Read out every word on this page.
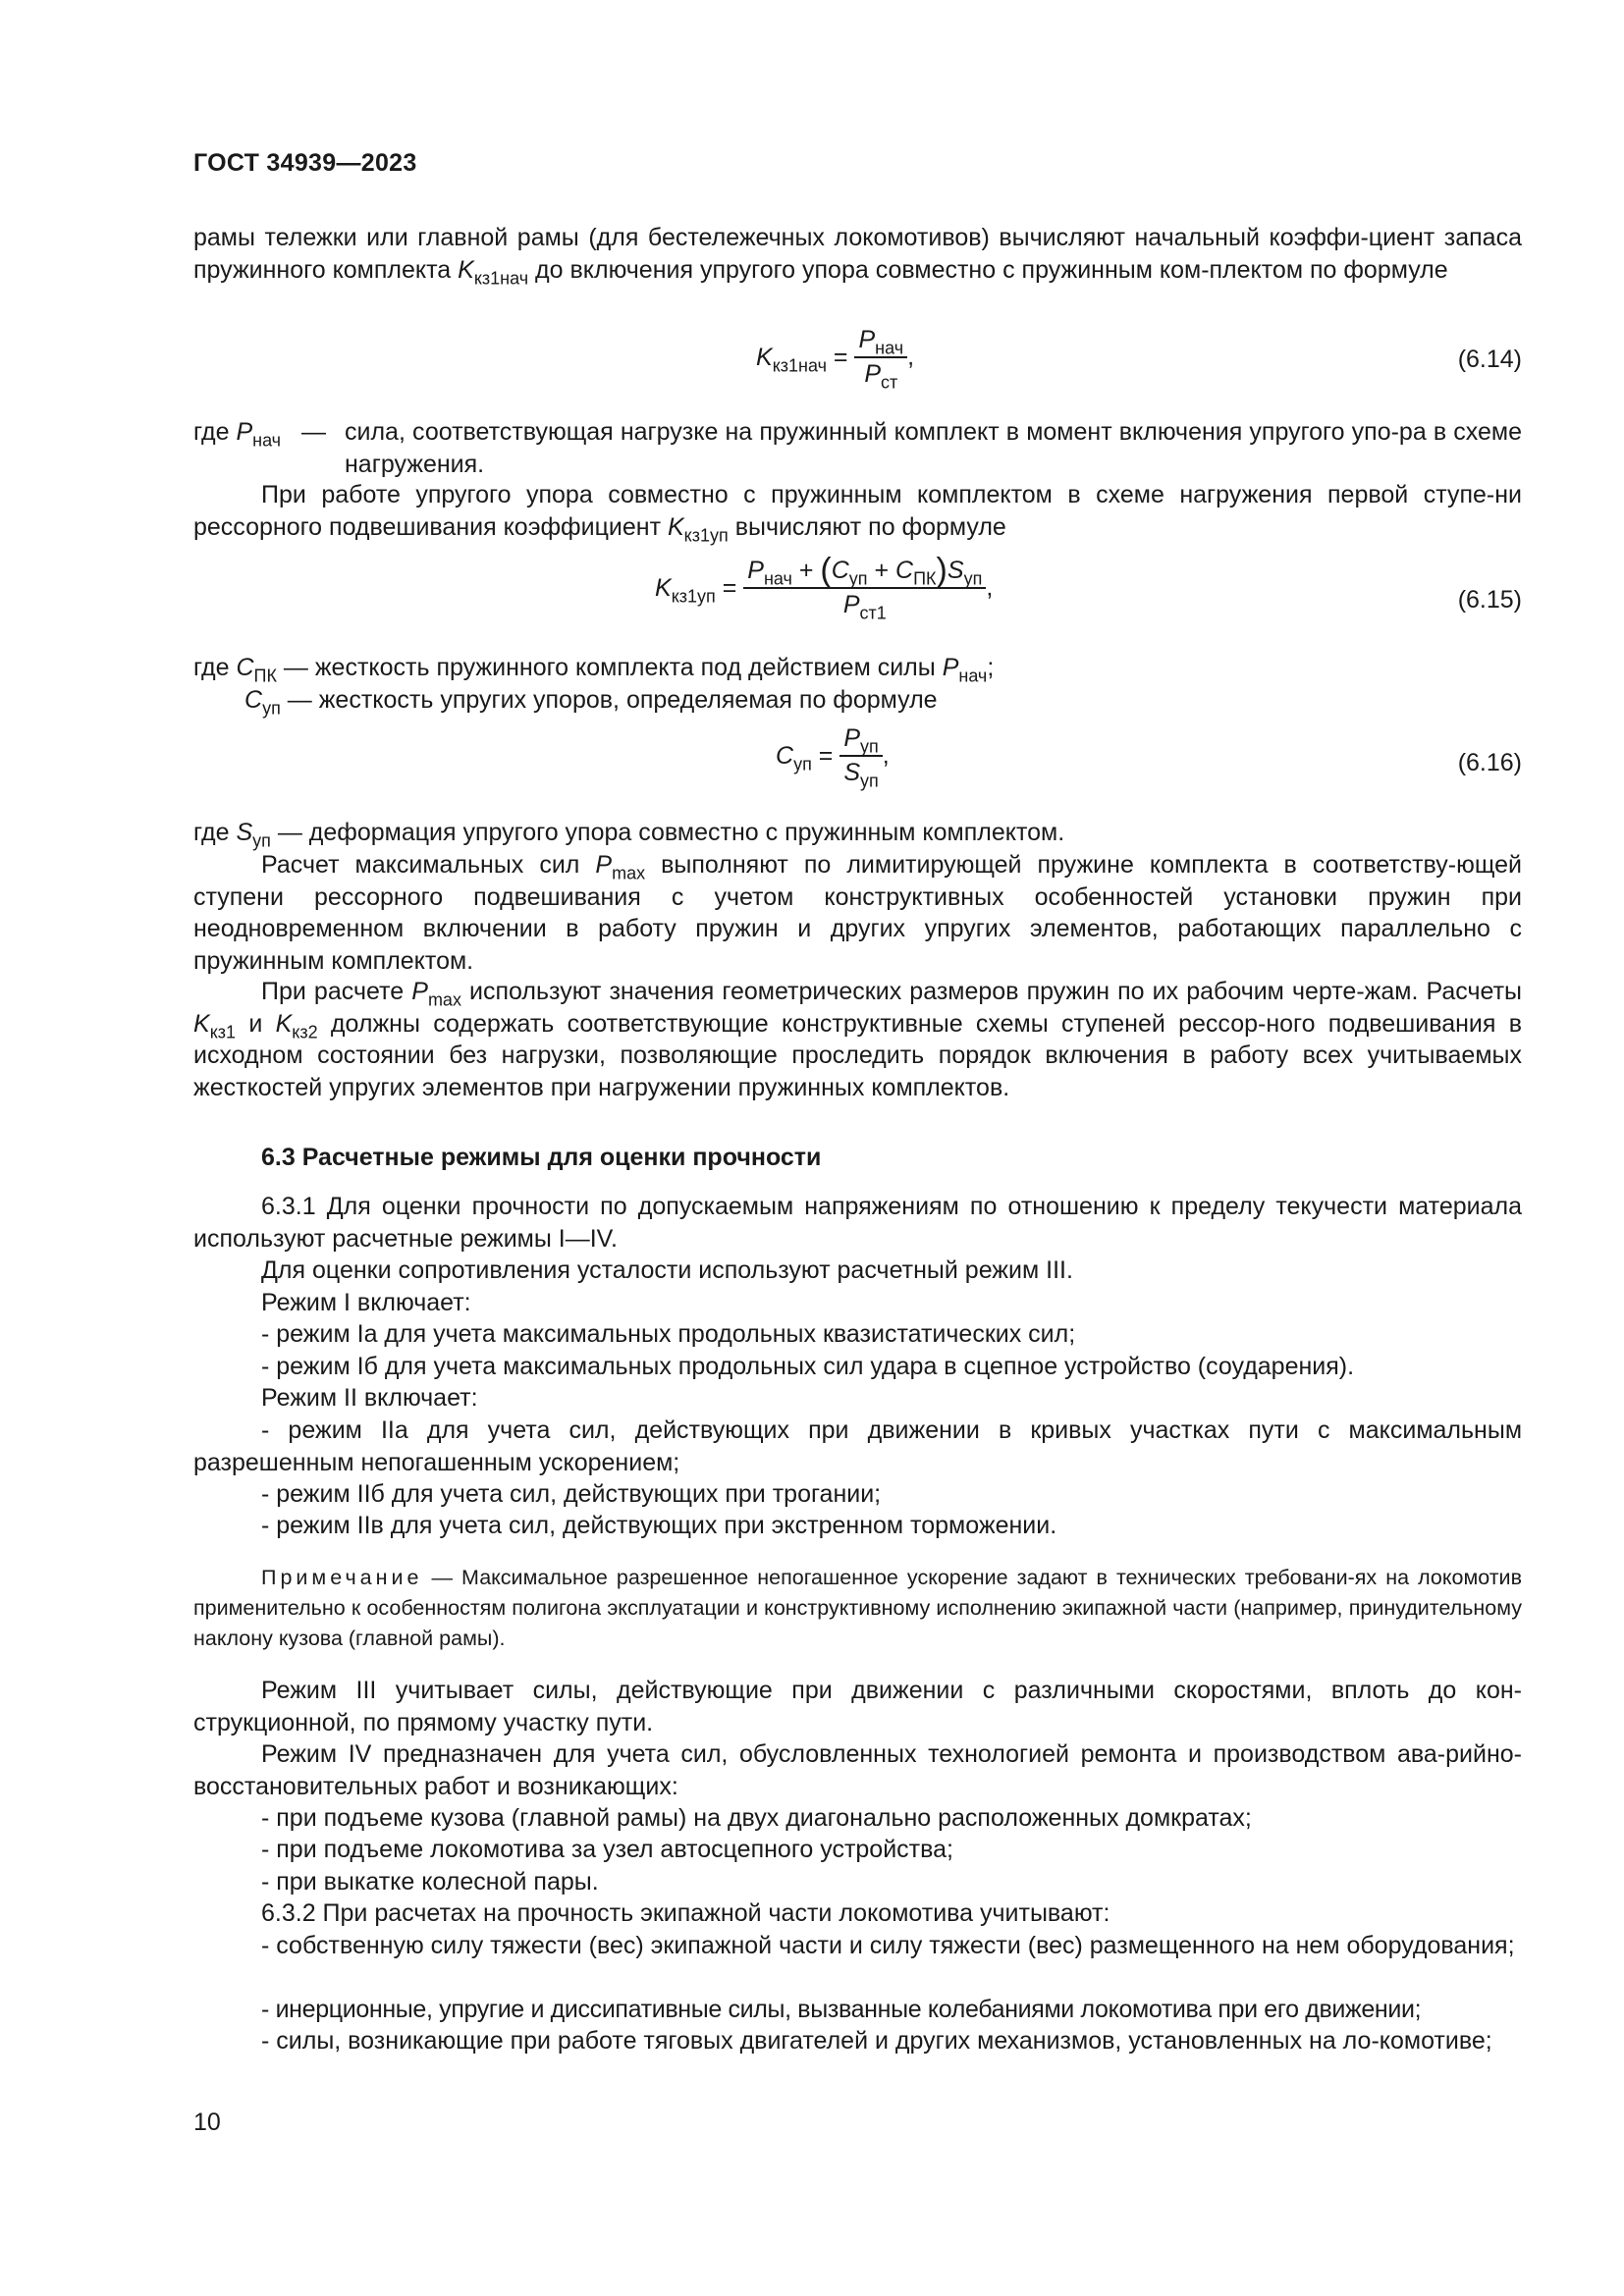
ГОСТ 34939—2023

рамы тележки или главной рамы (для бестележечных локомотивов) вычисляют начальный коэффи-циент запаса пружинного комплекта $K_{кз1нач}$ до включения упругого упора совместно с пружинным ком-плектом по формуле

$K_{кз1нач} = \frac{P_{нач}}{P_{ст}}$ ,	(6.14)
где $P_{нач}$ — сила, соответствующая нагрузке на пружинный комплект в момент включения упругого упо-ра в схеме нагружения.

При работе упругого упора совместно с пружинным комплектом в схеме нагружения первой ступе-ни рессорного подвешивания коэффициент $K_{кз1уп}$ вычисляют по формуле

$K_{кз1уп} = \frac{P_{нач} + (C_{уп} + C_{ПК})S_{уп}}{P_{ст1}}$ ,	(6.15)
где $C_{ПК}$ — жесткость пружинного комплекта под действием силы $P_{нач}$;
$C_{уп}$ — жесткость упругих упоров, определяемая по формуле
$C_{уп} = \frac{P_{уп}}{S_{уп}}$ ,	(6.16)
где $S_{уп}$ — деформация упругого упора совместно с пружинным комплектом.

Расчет максимальных сил $P_{max}$ выполняют по лимитирующей пружине комплекта в соответству-ющей ступени рессорного подвешивания с учетом конструктивных особенностей установки пружин при неодновременном включении в работу пружин и других упругих элементов, работающих параллельно с пружинным комплектом.

При расчете $P_{max}$ используют значения геометрических размеров пружин по их рабочим черте-жам. Расчеты $K_{кз1}$ и $K_{кз2}$ должны содержать соответствующие конструктивные схемы ступеней рессор-ного подвешивания в исходном состоянии без нагрузки, позволяющие проследить порядок включения в работу всех учитываемых жесткостей упругих элементов при нагружении пружинных комплектов.

6.3 Расчетные режимы для оценки прочности

6.3.1 Для оценки прочности по допускаемым напряжениям по отношению к пределу текучести материала используют расчетные режимы I—IV.

Для оценки сопротивления усталости используют расчетный режим III.

Режим I включает:

- режим Iа для учета максимальных продольных квазистатических сил;

- режим Iб для учета максимальных продольных сил удара в сцепное устройство (соударения).

Режим II включает:

- режим IIа для учета сил, действующих при движении в кривых участках пути с максимальным разрешенным непогашенным ускорением;

- режим IIб для учета сил, действующих при трогании;

- режим IIв для учета сил, действующих при экстренном торможении.

Примечание — Максимальное разрешенное непогашенное ускорение задают в технических требовани-ях на локомотив применительно к особенностям полигона эксплуатации и конструктивному исполнению экипажной части (например, принудительному наклону кузова (главной рамы).

Режим III учитывает силы, действующие при движении с различными скоростями, вплоть до кон-струкционной, по прямому участку пути.

Режим IV предназначен для учета сил, обусловленных технологией ремонта и производством ава-рийно-восстановительных работ и возникающих:

- при подъеме кузова (главной рамы) на двух диагонально расположенных домкратах;

- при подъеме локомотива за узел автосцепного устройства;

- при выкатке колесной пары.

6.3.2 При расчетах на прочность экипажной части локомотива учитывают:

- собственную силу тяжести (вес) экипажной части и силу тяжести (вес) размещенного на нем оборудования;

- инерционные, упругие и диссипативные силы, вызванные колебаниями локомотива при его движении;

- силы, возникающие при работе тяговых двигателей и других механизмов, установленных на ло-комотиве;

10
